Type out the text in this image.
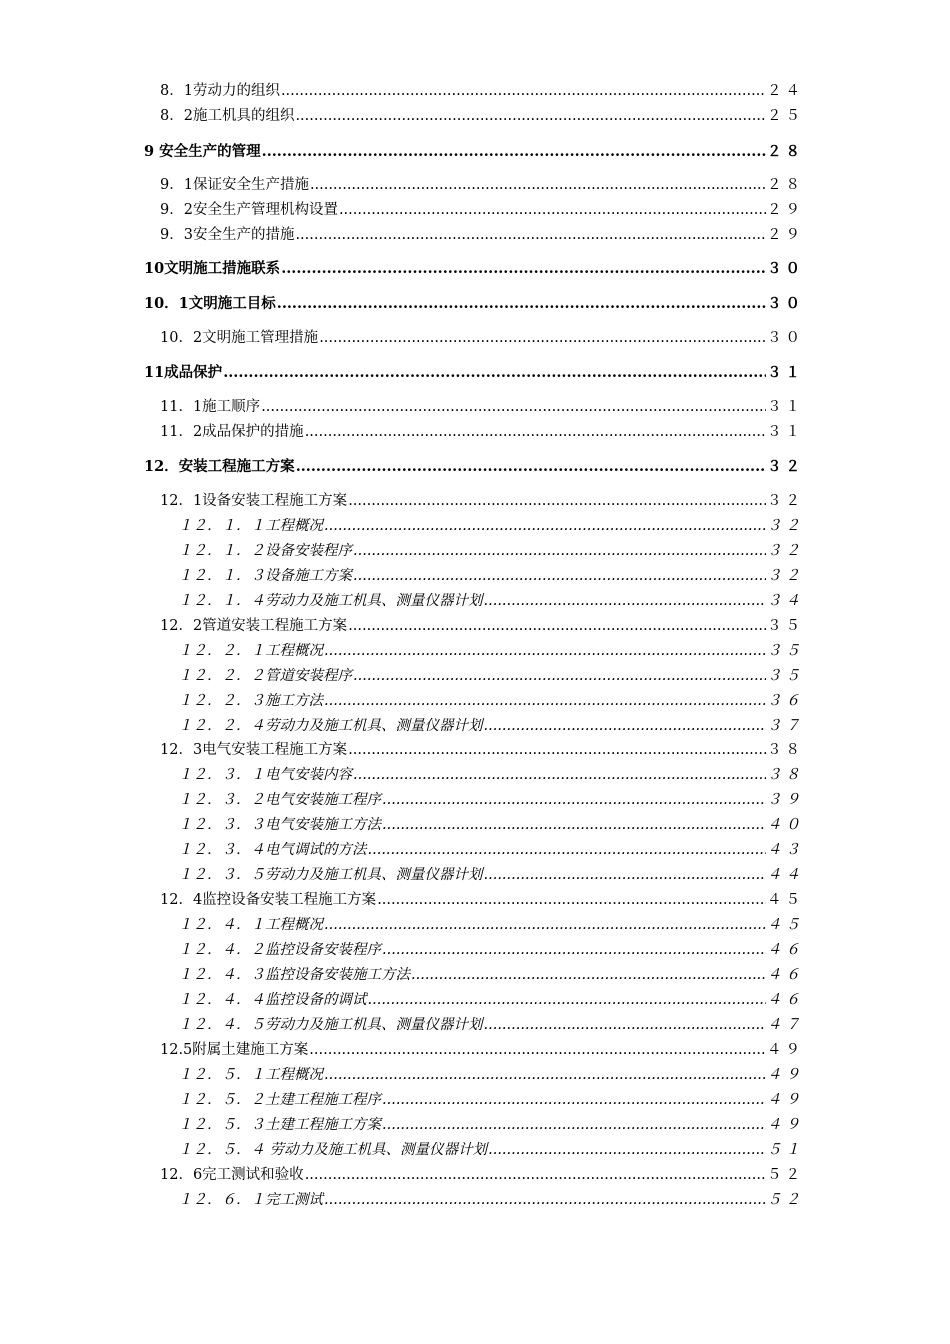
8．1劳动力的组织 .....	２４
8．2施工机具的组织 .....	２５
9 安全生产的管理 .....	２８
9．1保证安全生产措施 .....	２８
9．2安全生产管理机构设置 .....	２９
9．3安全生产的措施 .....	２９
10文明施工措施联系 .....	３０
10．1文明施工目标 .....	３０
10．2文明施工管理措施 .....	３０
11成品保护 .....	３１
11．1施工顺序 .....	３１
11．2成品保护的措施 .....	３１
12．安装工程施工方案 .....	３２
12．1设备安装工程施工方案 .....	３２
１２．１．１工程概况 .....	３２
１２．１．２设备安装程序 .....	３２
１２．１．３设备施工方案 .....	３２
１２．１．４劳动力及施工机具、测量仪器计划 .....	３４
12．2管道安装工程施工方案 .....	３５
１２．２．１工程概况 .....	３５
１２．２．２管道安装程序 .....	３５
１２．２．３施工方法 .....	３６
１２．２．４劳动力及施工机具、测量仪器计划 .....	３７
12．3电气安装工程施工方案 .....	３８
１２．３．１电气安装内容 .....	３８
１２．３．２电气安装施工程序 .....	３９
１２．３．３电气安装施工方法 .....	４０
１２．３．４电气调试的方法 .....	４３
１２．３．５劳动力及施工机具、测量仪器计划 .....	４４
12．4监控设备安装工程施工方案 .....	４５
１２．４．１工程概况 .....	４５
１２．４．２监控设备安装程序 .....	４６
１２．４．３监控设备安装施工方法 .....	４６
１２．４．４监控设备的调试 .....	４６
１２．４．５劳动力及施工机具、测量仪器计划 .....	４７
12.5附属土建施工方案 .....	４９
１２．５．１工程概况 .....	４９
１２．５．２土建工程施工程序 .....	４９
１２．５．３土建工程施工方案 .....	４９
１２．５．４ 劳动力及施工机具、测量仪器计划 .....	５１
12．6完工测试和验收 .....	５２
１２．６．１完工测试 .....	５２
